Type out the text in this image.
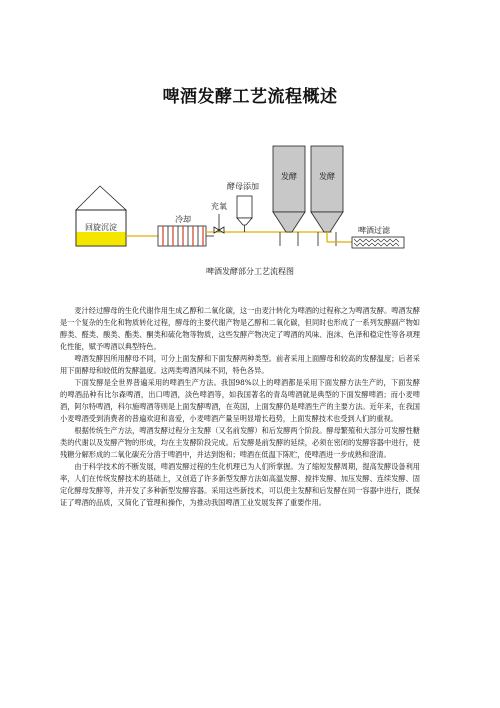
啤酒发酵工艺流程概述
回旋沉淀
冷却
充氧
酵母添加
发酵	发酵
啤酒过滤
啤酒发酵部分工艺流程图

麦汁经过酵母的生化代谢作用生成乙醇和二氧化碳，这一由麦汁转化为啤酒的过程称之为啤酒发酵。啤酒发酵是一个复杂的生化和物质转化过程，酵母的主要代谢产物是乙醇和二氧化碳，但同时也形成了一系列发酵副产物如醇类、醛类、酸类、酯类、酮类和硫化物等物质，这些发酵产物决定了啤酒的风味、泡沫、色泽和稳定性等各项理化性能，赋予啤酒以典型特色。

啤酒发酵因所用酵母不同，可分上面发酵和下面发酵两种类型。前者采用上面酵母和较高的发酵温度；后者采用下面酵母和较低的发酵温度。这两类啤酒风味不同，特色各异。

下面发酵是全世界普遍采用的啤酒生产方法。我国98%以上的啤酒都是采用下面发酵方法生产的，下面发酵的啤酒品种有比尔森啤酒，出口啤酒，淡色啤酒等，如我国著名的青岛啤酒就是典型的下面发酵啤酒；而小麦啤酒，阿尔特啤酒，科尔施啤酒等则是上面发酵啤酒，在英国，上面发酵仍是啤酒生产的主要方法。近年来，在我国小麦啤酒受到消费者的普遍欢迎和喜爱，小麦啤酒产量呈明显增长趋势，上面发酵技术也受到人们的重视。

根据传统生产方法，啤酒发酵过程分主发酵（又名前发酵）和后发酵两个阶段。酵母繁殖和大部分可发酵性糖类的代谢以及发酵产物的形成，均在主发酵阶段完成。后发酵是前发酵的延续，必须在密闭的发酵容器中进行，使残糖分解形成的二氧化碳充分溶于啤酒中，并达到饱和；啤酒在低温下陈贮，使啤酒进一步成熟和澄清。

由于科学技术的不断发展，啤酒发酵过程的生化机理已为人们所掌握。为了缩短发酵周期，提高发酵设备利用率，人们在传统发酵技术的基础上，又创造了许多新型发酵方法如高温发酵、搅拌发酵、加压发酵、连续发酵、固定化酵母发酵等，并开发了多种新型发酵容器。采用这些新技术，可以使主发酵和后发酵在同一容器中进行，既保证了啤酒的品质，又简化了管理和操作，为推动我国啤酒工业发展发挥了重要作用。
